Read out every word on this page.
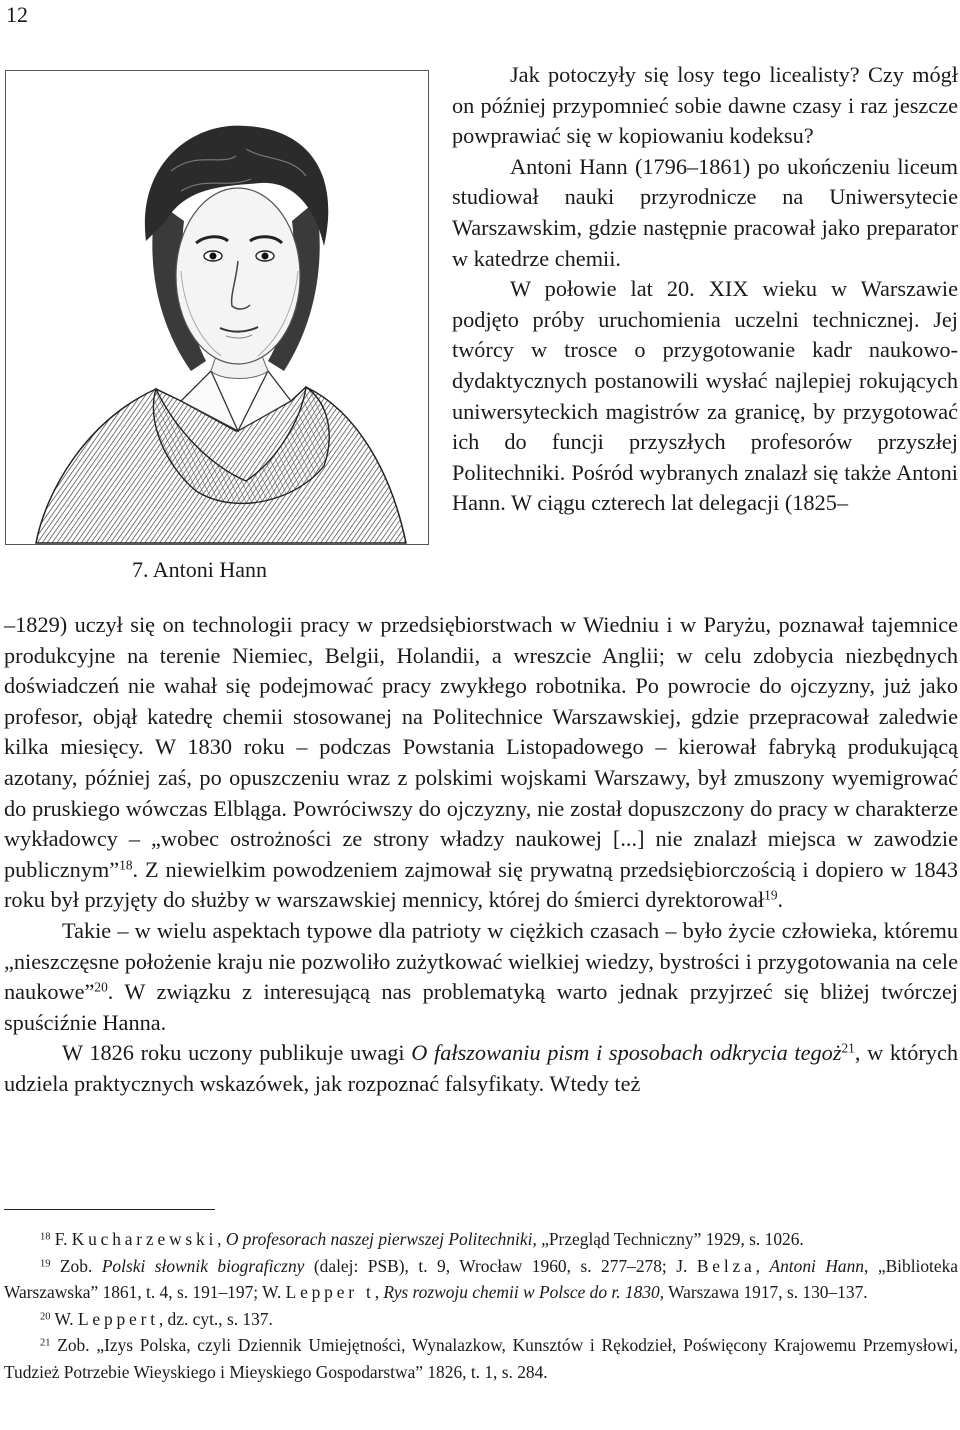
12
7. Antoni Hann

Jak potoczyły się losy tego licealisty? Czy mógł on później przypomnieć sobie dawne czasy i raz jeszcze powprawiać się w kopiowaniu kodeksu?

Antoni Hann (1796–1861) po ukończeniu liceum studiował nauki przyrodnicze na Uniwersytecie Warszawskim, gdzie następnie pracował jako preparator w katedrze chemii.

W połowie lat 20. XIX wieku w Warszawie podjęto próby uruchomienia uczelni technicznej. Jej twórcy w trosce o przygotowanie kadr naukowo-dydaktycznych postanowili wysłać najlepiej rokujących uniwersyteckich magistrów za granicę, by przygotować ich do funcji przyszłych profesorów przyszłej Politechniki. Pośród wybranych znalazł się także Antoni Hann. W ciągu czterech lat delegacji (1825–

–1829) uczył się on technologii pracy w przedsiębiorstwach w Wiedniu i w Paryżu, poznawał tajemnice produkcyjne na terenie Niemiec, Belgii, Holandii, a wreszcie Anglii; w celu zdobycia niezbędnych doświadczeń nie wahał się podejmować pracy zwykłego robotnika. Po powrocie do ojczyzny, już jako profesor, objął katedrę chemii stosowanej na Politechnice Warszawskiej, gdzie przepracował zaledwie kilka miesięcy. W 1830 roku – podczas Powstania Listopadowego – kierował fabryką produkującą azotany, później zaś, po opuszczeniu wraz z polskimi wojskami Warszawy, był zmuszony wyemigrować do pruskiego wówczas Elbląga. Powróciwszy do ojczyzny, nie został dopuszczony do pracy w charakterze wykładowcy – „wobec ostrożności ze strony władzy naukowej [...] nie znalazł miejsca w zawodzie publicznym”$^{18}$. Z niewielkim powodzeniem zajmował się prywatną przedsiębiorczością i dopiero w 1843 roku był przyjęty do służby w warszawskiej mennicy, której do śmierci dyrektorował$^{19}$.

Takie – w wielu aspektach typowe dla patrioty w ciężkich czasach – było życie człowieka, któremu „nieszczęsne położenie kraju nie pozwoliło zużytkować wielkiej wiedzy, bystrości i przygotowania na cele naukowe”$^{20}$. W związku z interesującą nas problematyką warto jednak przyjrzeć się bliżej twórczej spuściźnie Hanna.

W 1826 roku uczony publikuje uwagi O fałszowaniu pism i sposobach odkrycia tegoż$^{21}$, w których udziela praktycznych wskazówek, jak rozpoznać falsyfikaty. Wtedy też

$^{18}$ F. Kucharzewski, O profesorach naszej pierwszej Politechniki, „Przegląd Techniczny” 1929, s. 1026.

$^{19}$ Zob. Polski słownik biograficzny (dalej: PSB), t. 9, Wrocław 1960, s. 277–278; J. Belza, Antoni Hann, „Biblioteka Warszawska” 1861, t. 4, s. 191–197; W. Lepper t, Rys rozwoju chemii w Polsce do r. 1830, Warszawa 1917, s. 130–137.

$^{20}$ W. Leppert, dz. cyt., s. 137.

$^{21}$ Zob. „Izys Polska, czyli Dziennik Umiejętności, Wynalazkow, Kunsztów i Rękodzieł, Poświęcony Krajowemu Przemysłowi, Tudzież Potrzebie Wieyskiego i Mieyskiego Gospodarstwa” 1826, t. 1, s. 284.
